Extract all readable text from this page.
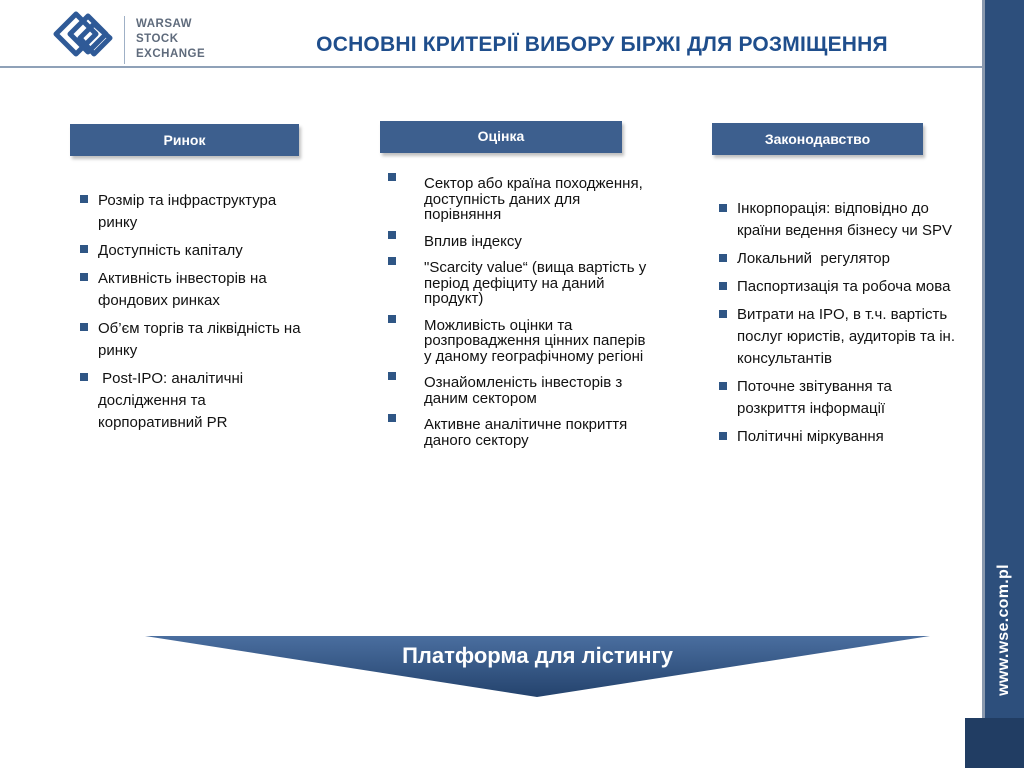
WARSAW
STOCK
EXCHANGE	ОСНОВНІ КРИТЕРІЇ ВИБОРУ БІРЖІ ДЛЯ РОЗМІЩЕННЯ
Ринок	Оцінка	Законодавство
Розмір та інфраструктура ринку
Доступність капіталу
Активність інвесторів на фондових ринках
Об’єм торгів та ліквідність на ринку
Post-IPO: аналітичні дослідження та корпоративний PR
Сектор або країна походження, доступність даних для порівняння
Вплив індексу
"Scarcity value“ (вища вартість у період дефіциту на даний продукт)
Можливість оцінки та розпровадження цінних паперів у даному географічному регіоні
Ознайомленість інвесторів з даним сектором
Активне аналітичне покриття даного сектору
Інкорпорація: відповідно до країни ведення бізнесу чи SPV
Локальний  регулятор
Паспортизація та робоча мова
Витрати на IPO, в т.ч. вартість послуг юристів, аудиторів та ін. консультантів
Поточне звітування та розкриття інформації
Політичні міркування
Платформа для лістингу	www.wse.com.pl
